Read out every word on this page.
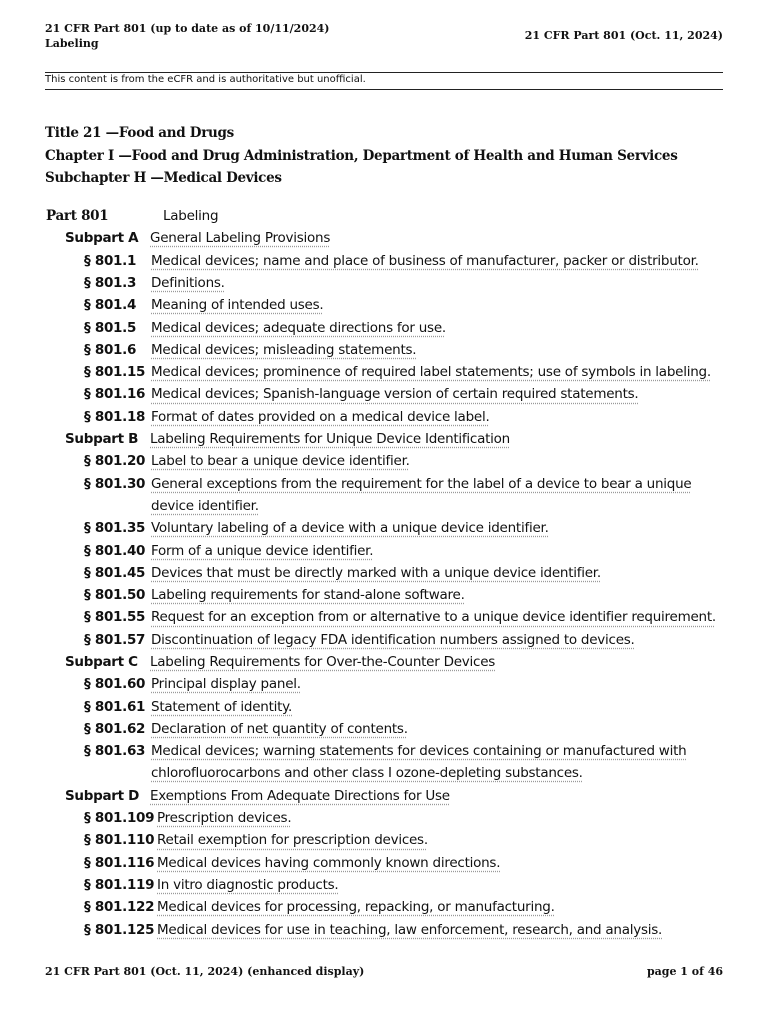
21 CFR Part 801 (up to date as of 10/11/2024)
Labeling
21 CFR Part 801 (Oct. 11, 2024)
This content is from the eCFR and is authoritative but unofficial.
Title 21 —Food and Drugs
Chapter I —Food and Drug Administration, Department of Health and Human Services
Subchapter H —Medical Devices
Part 801	Labeling
Subpart A General Labeling Provisions
§ 801.1 Medical devices; name and place of business of manufacturer, packer or distributor.
§ 801.3 Definitions.
§ 801.4 Meaning of intended uses.
§ 801.5 Medical devices; adequate directions for use.
§ 801.6 Medical devices; misleading statements.
§ 801.15 Medical devices; prominence of required label statements; use of symbols in labeling.
§ 801.16 Medical devices; Spanish-language version of certain required statements.
§ 801.18 Format of dates provided on a medical device label.
Subpart B Labeling Requirements for Unique Device Identification
§ 801.20 Label to bear a unique device identifier.
§ 801.30 General exceptions from the requirement for the label of a device to bear a unique device identifier.
§ 801.35 Voluntary labeling of a device with a unique device identifier.
§ 801.40 Form of a unique device identifier.
§ 801.45 Devices that must be directly marked with a unique device identifier.
§ 801.50 Labeling requirements for stand-alone software.
§ 801.55 Request for an exception from or alternative to a unique device identifier requirement.
§ 801.57 Discontinuation of legacy FDA identification numbers assigned to devices.
Subpart C Labeling Requirements for Over-the-Counter Devices
§ 801.60 Principal display panel.
§ 801.61 Statement of identity.
§ 801.62 Declaration of net quantity of contents.
§ 801.63 Medical devices; warning statements for devices containing or manufactured with chlorofluorocarbons and other class I ozone-depleting substances.
Subpart D Exemptions From Adequate Directions for Use
§ 801.109 Prescription devices.
§ 801.110 Retail exemption for prescription devices.
§ 801.116 Medical devices having commonly known directions.
§ 801.119 In vitro diagnostic products.
§ 801.122 Medical devices for processing, repacking, or manufacturing.
§ 801.125 Medical devices for use in teaching, law enforcement, research, and analysis.
21 CFR Part 801 (Oct. 11, 2024) (enhanced display)	page 1 of 46
